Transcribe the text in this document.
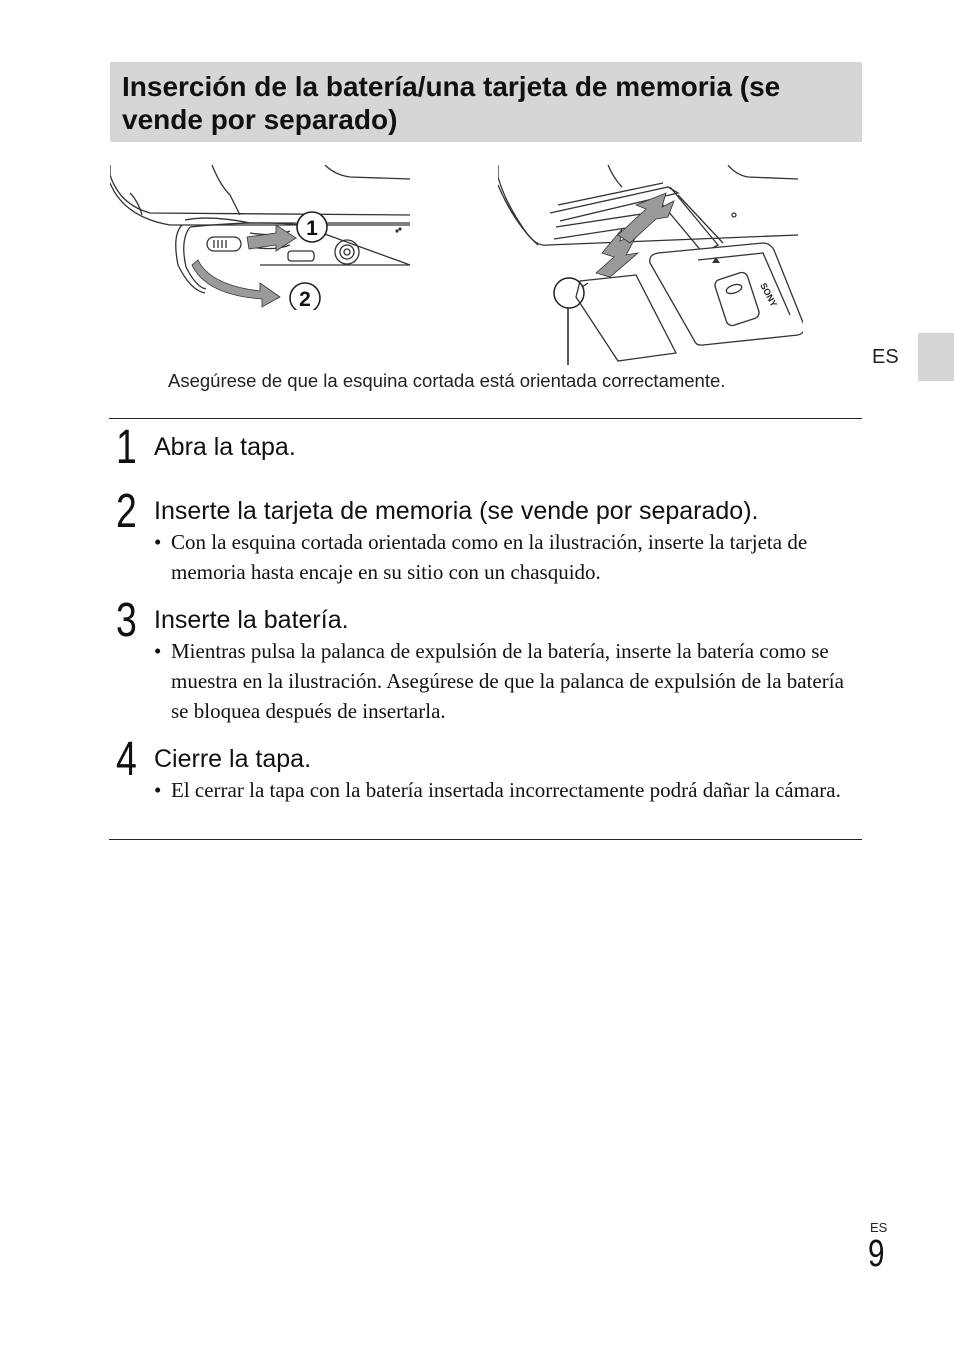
Inserción de la batería/una tarjeta de memoria (se vende por separado)
1
2	SONY
Asegúrese de que la esquina cortada está orientada correctamente.
ES
1 Abra la tapa.
2 Inserte la tarjeta de memoria (se vende por separado).
• Con la esquina cortada orientada como en la ilustración, inserte la tarjeta de memoria hasta encaje en su sitio con un chasquido.
3 Inserte la batería.
• Mientras pulsa la palanca de expulsión de la batería, inserte la batería como se muestra en la ilustración. Asegúrese de que la palanca de expulsión de la batería se bloquea después de insertarla.
4 Cierre la tapa.
• El cerrar la tapa con la batería insertada incorrectamente podrá dañar la cámara.
ES
9
